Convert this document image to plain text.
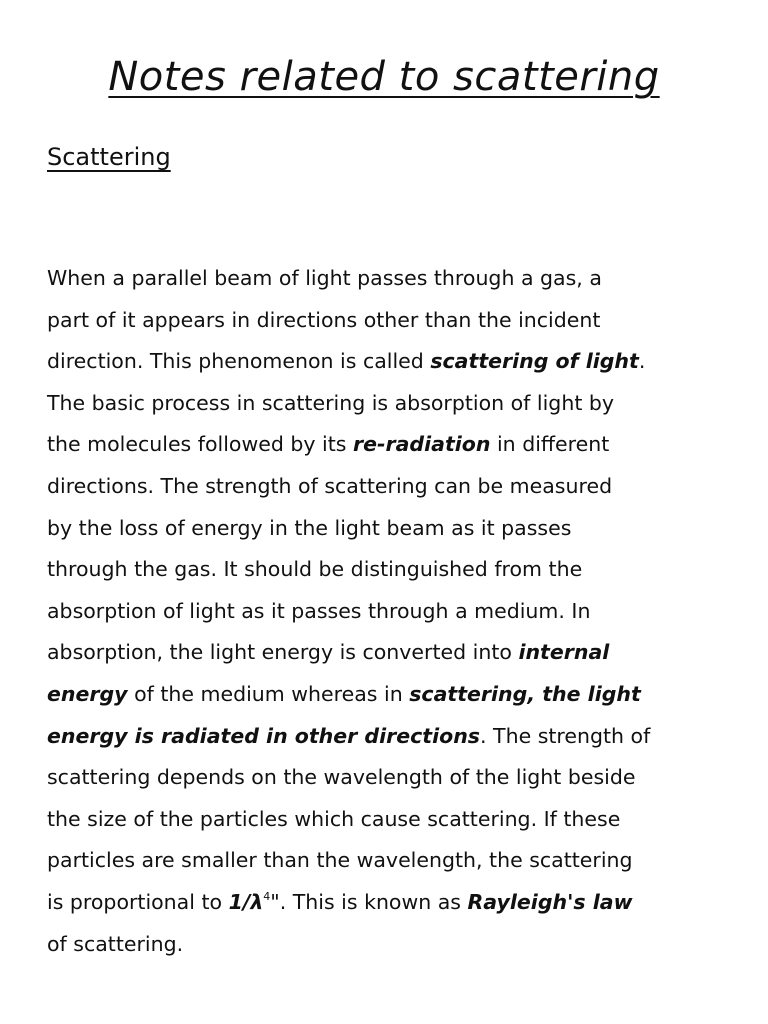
Notes related to scattering
Scattering

When a parallel beam of light passes through a gas, a
part of it appears in directions other than the incident
direction. This phenomenon is called scattering of light.
The basic process in scattering is absorption of light by
the molecules followed by its re-radiation in different
directions. The strength of scattering can be measured
by the loss of energy in the light beam as it passes
through the gas. It should be distinguished from the
absorption of light as it passes through a medium. In
absorption, the light energy is converted into internal
energy of the medium whereas in scattering, the light
energy is radiated in other directions. The strength of
scattering depends on the wavelength of the light beside
the size of the particles which cause scattering. If these
particles are smaller than the wavelength, the scattering
is proportional to $1/\lambda^4$". This is known as Rayleigh's law
of scattering.
